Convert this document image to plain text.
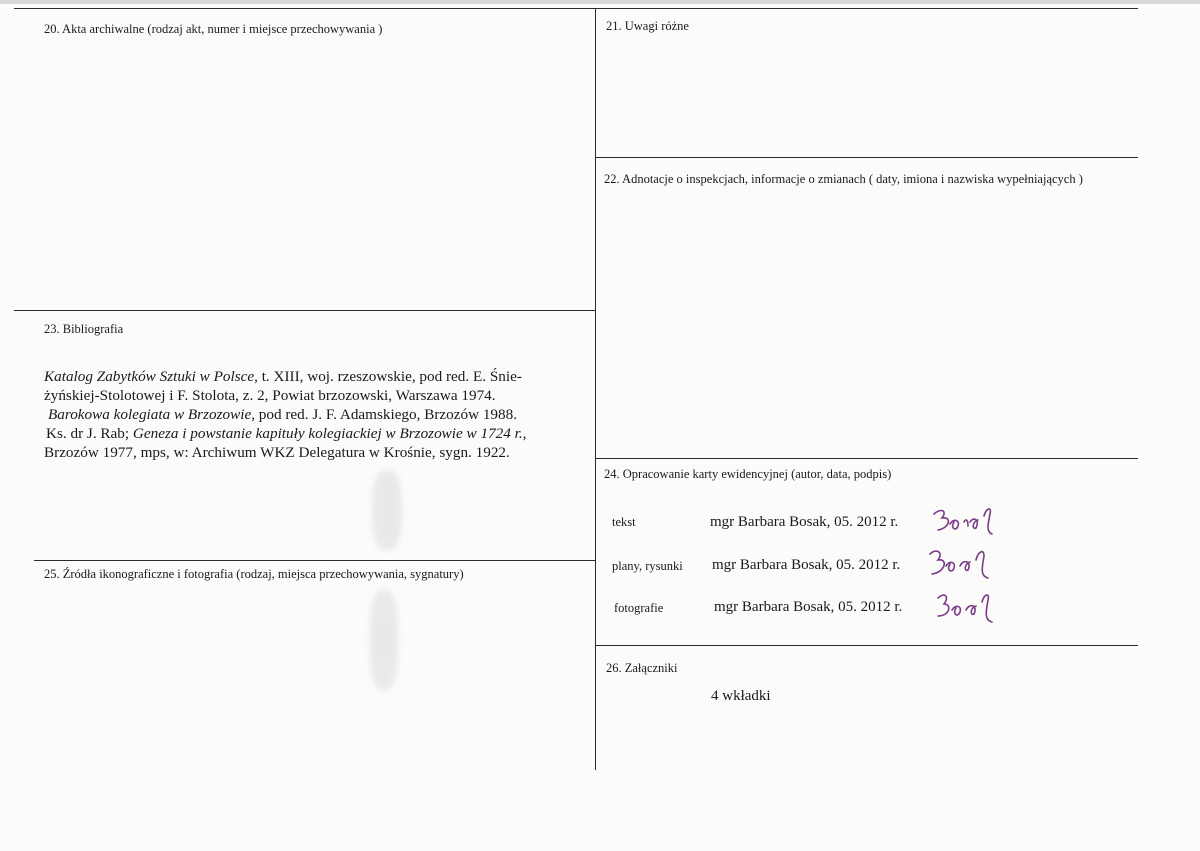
20. Akta archiwalne (rodzaj akt, numer i miejsce przechowywania )	21. Uwagi różne
22. Adnotacje o inspekcjach, informacje o zmianach ( daty, imiona i nazwiska wypełniających )
23. Bibliografia
24. Opracowanie karty ewidencyjnej (autor, data, podpis)
25. Źródła ikonograficzne i fotografia (rodzaj, miejsca przechowywania, sygnatury)
26. Załączniki
Katalog Zabytków Sztuki w Polsce, t. XIII, woj. rzeszowskie, pod red. E. Śnie-
żyńskiej-Stolotowej i F. Stolota, z. 2, Powiat brzozowski, Warszawa 1974.
Barokowa kolegiata w Brzozowie, pod red. J. F. Adamskiego, Brzozów 1988.
Ks. dr J. Rab; Geneza i powstanie kapituły kolegiackiej w Brzozowie w 1724 r.,
Brzozów 1977, mps, w: Archiwum WKZ Delegatura w Krośnie, sygn. 1922.
tekst	mgr Barbara Bosak, 05. 2012 r.
plany, rysunki mgr Barbara Bosak, 05. 2012 r.
fotografie	mgr Barbara Bosak, 05. 2012 r.
4 wkładki
